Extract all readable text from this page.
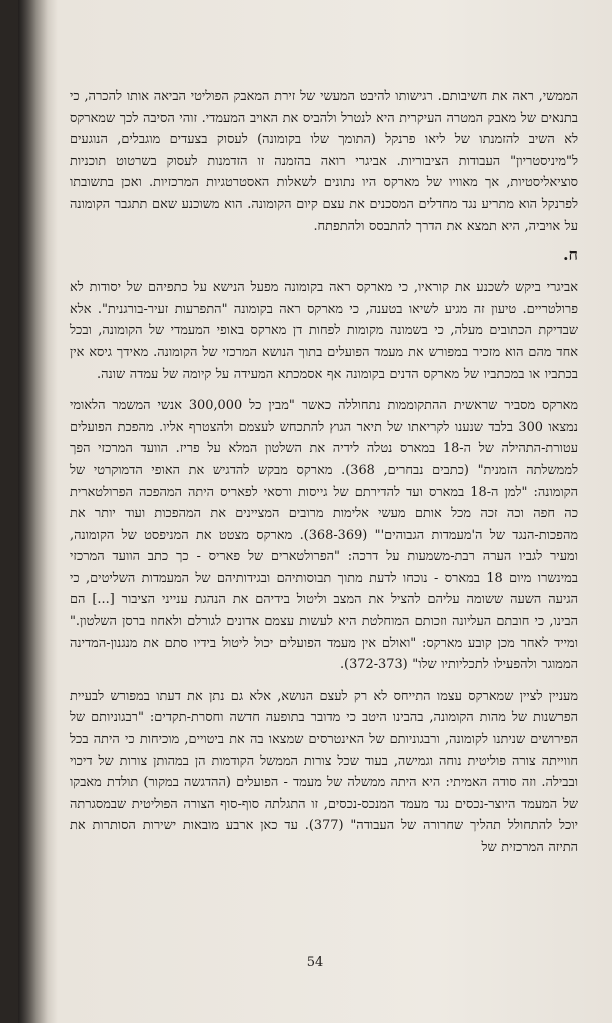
הממשי, ראה את חשיבותם. רגישותו להיבט המעשי של זירת המאבק הפוליטי הביאה אותו להכרה, כי בתנאים של מאבק המטרה העיקרית היא לנטרל ולהביס את האויב המעמדי. זוהי הסיבה לכך שמארקס לא השיב להזמנתו של ליאו פרנקל (התומך שלו בקומונה) לעסוק בצעדים מוגבלים, הנוגעים ל"מיניסטריון" העבודות הציבוריות. אביגרי רואה בהזמנה זו הזדמנות לעסוק בשרטוט תוכניות סוציאליסטיות, אך מאוויו של מארקס היו נתונים לשאלות האסטרטגיות המרכזיות. ואכן בתשובתו לפרנקל הוא מתריע נגד מחדלים המסכנים את עצם קיום הקומונה. הוא משוכנע שאם תתגבר הקומונה על אויביה, היא תמצא את הדרך להתבסס ולהתפתח.

ח.

אביגרי ביקש לשכנע את קוראיו, כי מארקס ראה בקומונה מפעל הנישא על כתפיהם של יסודות לא פרולטריים. טיעון זה מגיע לשיאו בטענה, כי מארקס ראה בקומונה "התפרעות זעיר-בורגנית". אלא שבדיקת הכתובים מעלה, כי בשמונה מקומות לפחות דן מארקס באופי המעמדי של הקומונה, ובכל אחד מהם הוא מזכיר במפורש את מעמד הפועלים בתוך הנושא המרכזי של הקומונה. מאידך גיסא אין בכתביו או במכתביו של מארקס הדנים בקומונה אף אסמכתא המעידה על קיומה של עמדה שונה.

מארקס מסביר שראשית ההתקוממות נתחוללה כאשר "מבין כל 300,000 אנשי המשמר הלאומי נמצאו 300 בלבד שנענו לקריאתו של תיאר הגוץ להתכחש לעצמם ולהצטרף אליו. מהפכת הפועלים עטורת-התהילה של ה-18 במארס נטלה לידיה את השלטון המלא על פריז. הוועד המרכזי הפך לממשלתה הזמנית" (כתבים נבחרים, 368). מארקס מבקש להדגיש את האופי הדמוקרטי של הקומונה: "למן ה-18 במארס ועד להדירתם של גייסות ורסאי לפאריס היתה המהפכה הפרולטארית כה חפה וכה זכה מכל אותם מעשי אלימות מרובים המציינים את המהפכות ועוד יותר את מהפכות-הנגד של ה'מעמדות הגבוהים'" (368-369). מארקס מצטט את המניפסט של הקומונה, ומעיר לגביו הערה רבת-משמעות על דרכה: "הפרולטארים של פאריס - כך כתב הוועד המרכזי במינשרו מיום 18 במארס - נוכחו לדעת מתוך תבוסותיהם ובגידותיהם של המעמדות השליטים, כי הגיעה השעה ששומה עליהם להציל את המצב וליטול בידיהם את הנהגת ענייני הציבור [...] הם הבינו, כי חובתם העליונה וזכותם המוחלטת היא לעשות עצמם אדונים לגורלם ולאחוז ברסן השלטון." ומייד לאחר מכן קובע מארקס: "ואולם אין מעמד הפועלים יכול ליטול בידיו סתם את מנגנון-המדינה הממוגר ולהפעילו לתכליותיו שלו" (372-373).

מעניין לציין שמארקס עצמו התייחס לא רק לעצם הנושא, אלא גם נתן את דעתו במפורש לבעיית הפרשנות של מהות הקומונה, בהבינו היטב כי מדובר בתופעה חדשה וחסרת-תקדים: "רבגוניותם של הפירושים שניתנו לקומונה, ורבגוניותם של האינטרסים שמצאו בה את ביטויים, מוכיחות כי היתה בכל חווייתה צורה פוליטית נוחה וגמישה, בעוד שכל צורות הממשל הקודמות הן במהותן צורות של דיכוי ובבילה. וזה סודה האמיתי: היא היתה ממשלה של מעמד - הפועלים (ההדגשה במקור) תולדת מאבקו של המעמד היוצר-נכסים נגד מעמד המנכס-נכסים, זו התגלתה סוף-סוף הצורה הפוליטית שבמסגרתה יוכל להתחולל תהליך שחרורה של העבודה" (377). עד כאן ארבע מובאות ישירות הסותרות את התיזה המרכזית של

54
